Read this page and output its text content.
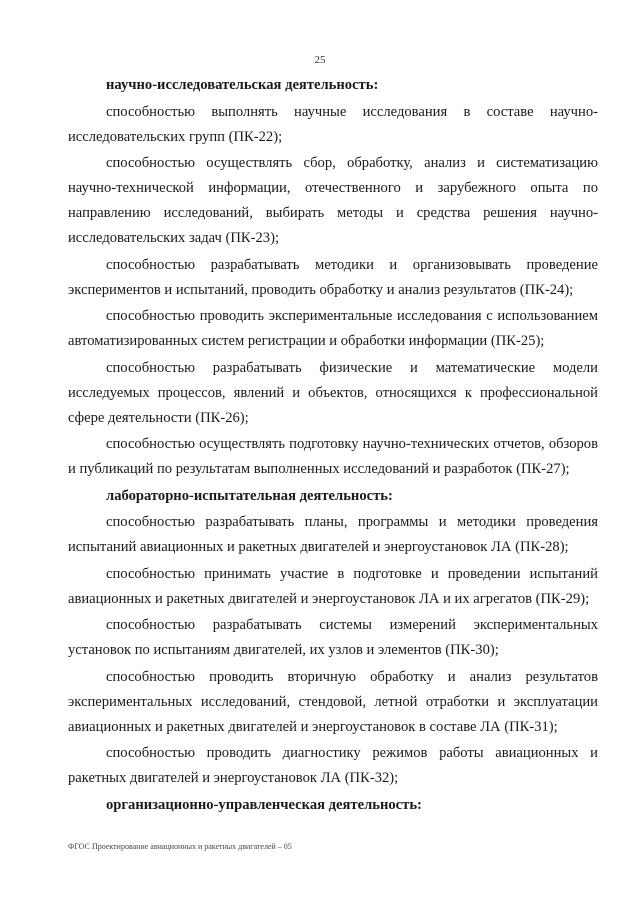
25

научно-исследовательская деятельность:

способностью выполнять научные исследования в составе научно-исследовательских групп (ПК-22);

способностью осуществлять сбор, обработку, анализ и систематизацию научно-технической информации, отечественного и зарубежного опыта по направлению исследований, выбирать методы и средства решения научно-исследовательских задач (ПК-23);

способностью разрабатывать методики и организовывать проведение экспериментов и испытаний, проводить обработку и анализ результатов (ПК-24);

способностью проводить экспериментальные исследования с использованием автоматизированных систем регистрации и обработки информации (ПК-25);

способностью разрабатывать физические и математические модели исследуемых процессов, явлений и объектов, относящихся к профессиональной сфере деятельности (ПК-26);

способностью осуществлять подготовку научно-технических отчетов, обзоров и публикаций по результатам выполненных исследований и разработок (ПК-27);

лабораторно-испытательная деятельность:

способностью разрабатывать планы, программы и методики проведения испытаний авиационных и ракетных двигателей и энергоустановок ЛА (ПК-28);

способностью принимать участие в подготовке и проведении испытаний авиационных и ракетных двигателей и энергоустановок ЛА и их агрегатов (ПК-29);

способностью разрабатывать системы измерений экспериментальных установок по испытаниям двигателей, их узлов и элементов (ПК-30);

способностью проводить вторичную обработку и анализ результатов экспериментальных исследований, стендовой, летной отработки и эксплуатации авиационных и ракетных двигателей и энергоустановок в составе ЛА (ПК-31);

способностью проводить диагностику режимов работы авиационных и ракетных двигателей и энергоустановок ЛА (ПК-32);

организационно-управленческая деятельность:

ФГОС Проектирование авиационных и ракетных двигателей – 05
